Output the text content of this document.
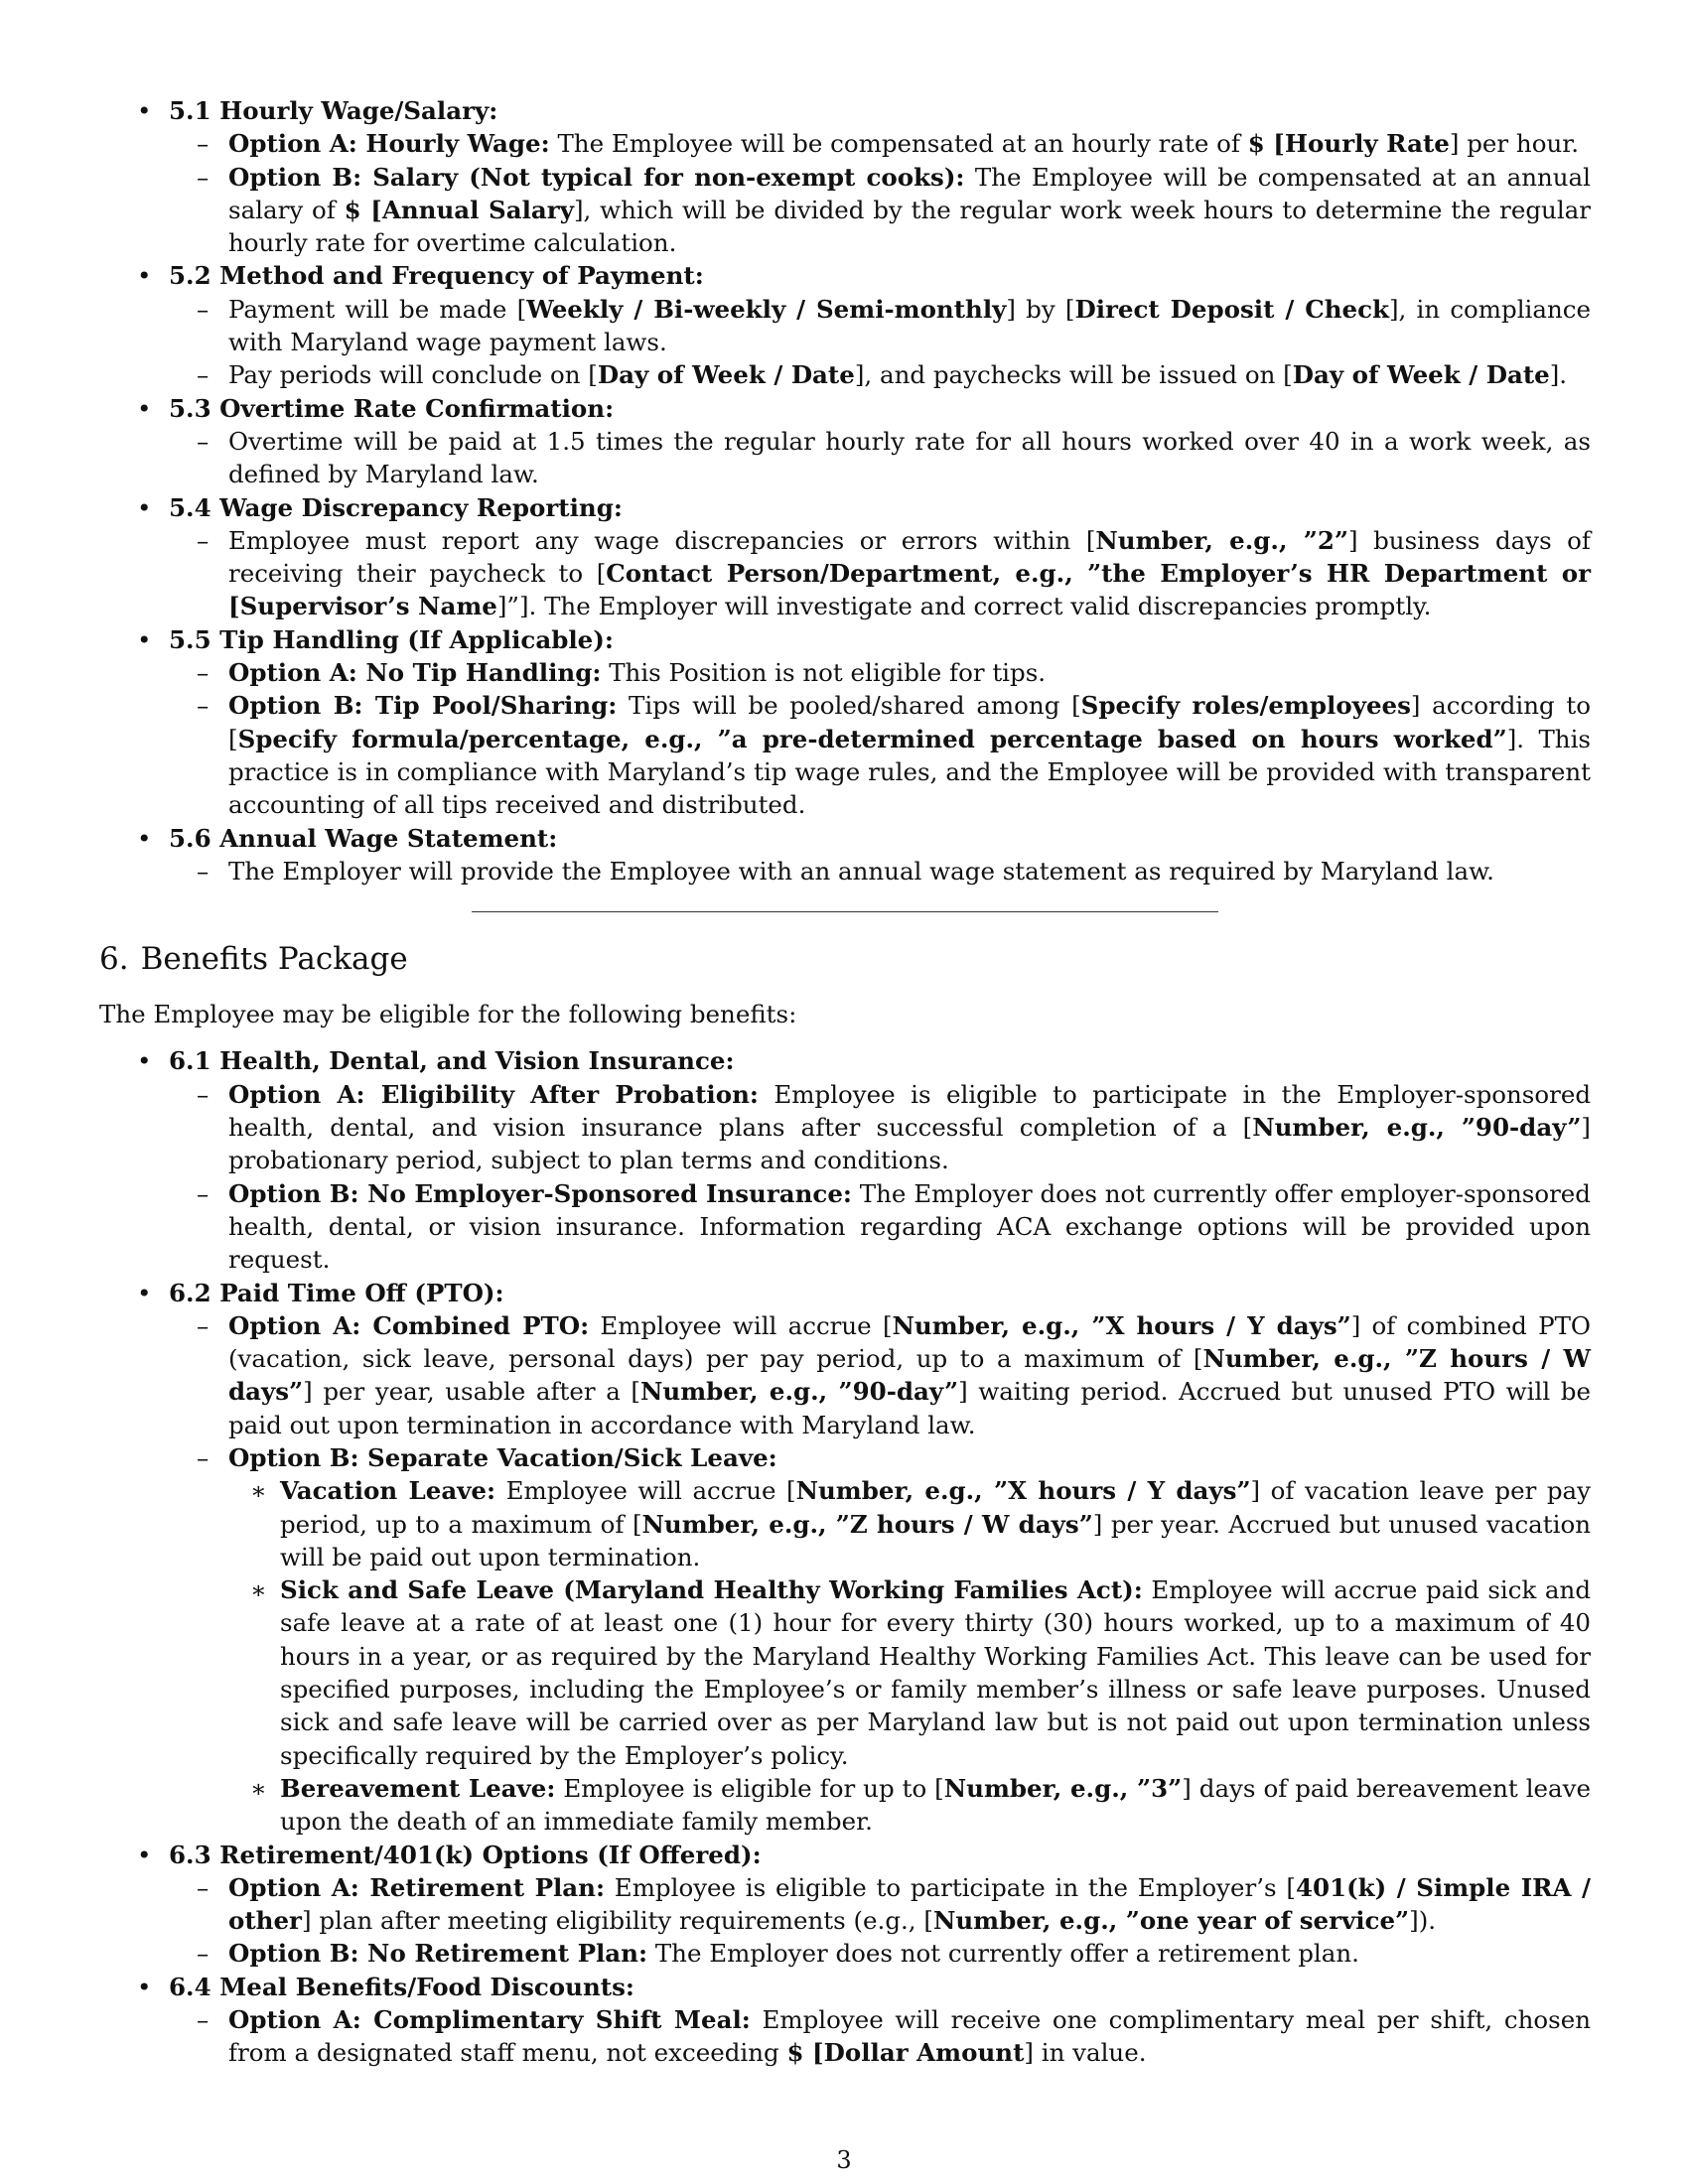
• 5.1 Hourly Wage/Salary:
– Option A: Hourly Wage: The Employee will be compensated at an hourly rate of $ [Hourly Rate] per hour.
– Option B: Salary (Not typical for non-exempt cooks): The Employee will be compensated at an annual salary of $ [Annual Salary], which will be divided by the regular work week hours to determine the regular hourly rate for overtime calculation.
• 5.2 Method and Frequency of Payment:
– Payment will be made [Weekly / Bi-weekly / Semi-monthly] by [Direct Deposit / Check], in compliance with Maryland wage payment laws.
– Pay periods will conclude on [Day of Week / Date], and paychecks will be issued on [Day of Week / Date].
• 5.3 Overtime Rate Confirmation:
– Overtime will be paid at 1.5 times the regular hourly rate for all hours worked over 40 in a work week, as defined by Maryland law.
• 5.4 Wage Discrepancy Reporting:
– Employee must report any wage discrepancies or errors within [Number, e.g., ”2”] business days of receiving their paycheck to [Contact Person/Department, e.g., ”the Employer’s HR Department or [Supervisor’s Name]”]. The Employer will investigate and correct valid discrepancies promptly.
• 5.5 Tip Handling (If Applicable):
– Option A: No Tip Handling: This Position is not eligible for tips.
– Option B: Tip Pool/Sharing: Tips will be pooled/shared among [Specify roles/employees] according to [Specify formula/percentage, e.g., ”a pre-determined percentage based on hours worked”]. This practice is in compliance with Maryland’s tip wage rules, and the Employee will be provided with transparent accounting of all tips received and distributed.
• 5.6 Annual Wage Statement:
– The Employer will provide the Employee with an annual wage statement as required by Maryland law.
6. Benefits Package

The Employee may be eligible for the following benefits:

• 6.1 Health, Dental, and Vision Insurance:
– Option A: Eligibility After Probation: Employee is eligible to participate in the Employer-sponsored health, dental, and vision insurance plans after successful completion of a [Number, e.g., ”90-day”] probationary period, subject to plan terms and conditions.
– Option B: No Employer-Sponsored Insurance: The Employer does not currently offer employer-sponsored health, dental, or vision insurance. Information regarding ACA exchange options will be provided upon request.
• 6.2 Paid Time Off (PTO):
– Option A: Combined PTO: Employee will accrue [Number, e.g., ”X hours / Y days”] of combined PTO (vacation, sick leave, personal days) per pay period, up to a maximum of [Number, e.g., ”Z hours / W days”] per year, usable after a [Number, e.g., ”90-day”] waiting period. Accrued but unused PTO will be paid out upon termination in accordance with Maryland law.
– Option B: Separate Vacation/Sick Leave:
∗ Vacation Leave: Employee will accrue [Number, e.g., ”X hours / Y days”] of vacation leave per pay period, up to a maximum of [Number, e.g., ”Z hours / W days”] per year. Accrued but unused vacation will be paid out upon termination.
∗ Sick and Safe Leave (Maryland Healthy Working Families Act): Employee will accrue paid sick and safe leave at a rate of at least one (1) hour for every thirty (30) hours worked, up to a maximum of 40 hours in a year, or as required by the Maryland Healthy Working Families Act. This leave can be used for specified purposes, including the Employee’s or family member’s illness or safe leave purposes. Unused sick and safe leave will be carried over as per Maryland law but is not paid out upon termination unless specifically required by the Employer’s policy.
∗ Bereavement Leave: Employee is eligible for up to [Number, e.g., ”3”] days of paid bereavement leave upon the death of an immediate family member.
• 6.3 Retirement/401(k) Options (If Offered):
– Option A: Retirement Plan: Employee is eligible to participate in the Employer’s [401(k) / Simple IRA / other] plan after meeting eligibility requirements (e.g., [Number, e.g., ”one year of service”]).
– Option B: No Retirement Plan: The Employer does not currently offer a retirement plan.
• 6.4 Meal Benefits/Food Discounts:
– Option A: Complimentary Shift Meal: Employee will receive one complimentary meal per shift, chosen from a designated staff menu, not exceeding $ [Dollar Amount] in value.
3
